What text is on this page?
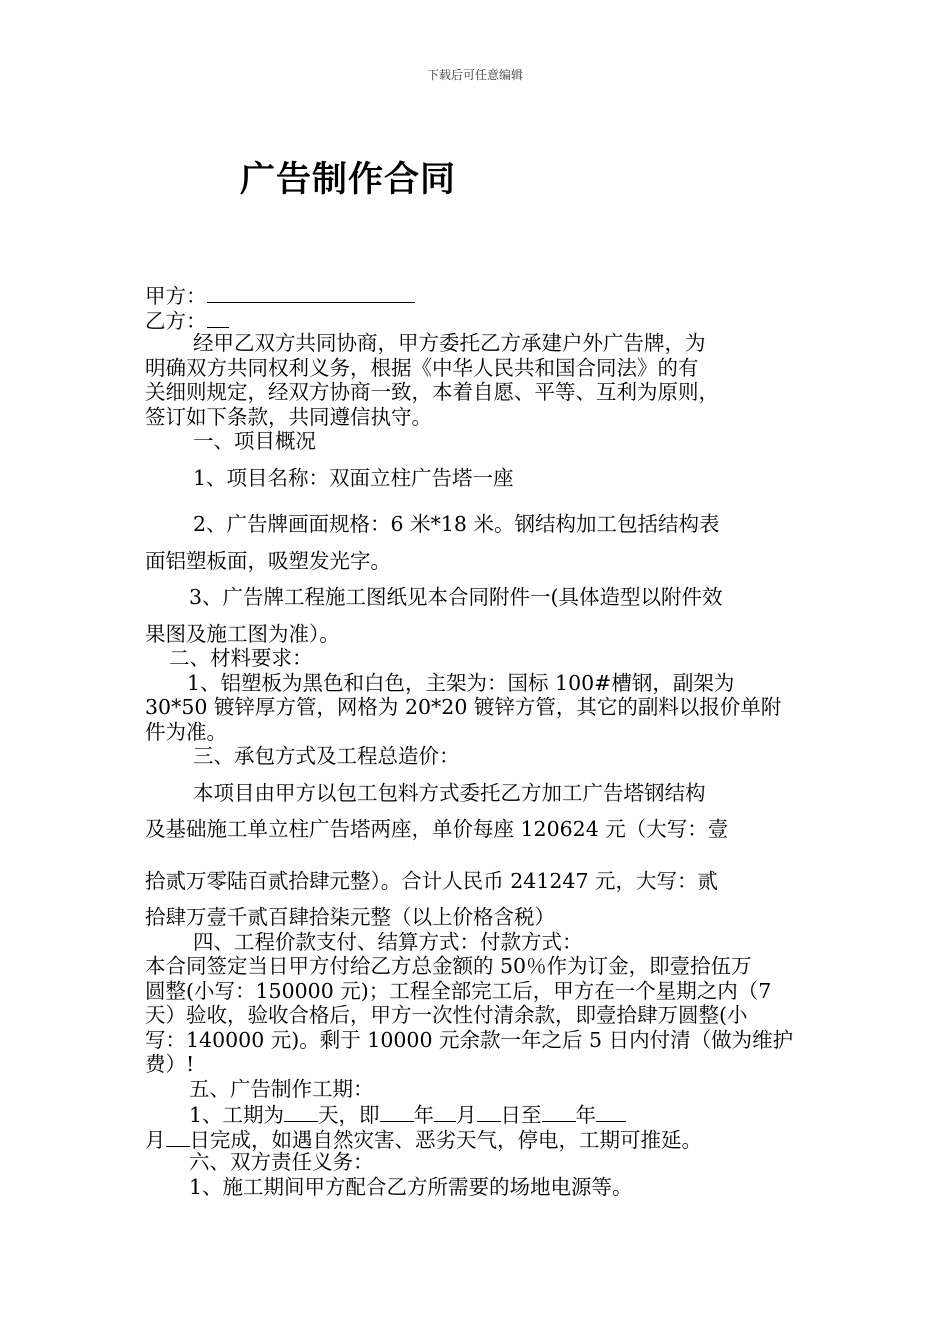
下载后可任意编辑
广告制作合同
甲方：
乙方：
经甲乙双方共同协商，甲方委托乙方承建户外广告牌，为
明确双方共同权利义务，根据《中华人民共和国合同法》的有
关细则规定，经双方协商一致，本着自愿、平等、互利为原则，
签订如下条款，共同遵信执守。
一、项目概况
1、项目名称：双面立柱广告塔一座
2、广告牌画面规格：6 米*18 米。钢结构加工包括结构表
面铝塑板面，吸塑发光字。
3、广告牌工程施工图纸见本合同附件一(具体造型以附件效
果图及施工图为准）。
二、材料要求：
1、铝塑板为黑色和白色，主架为：国标 100#槽钢，副架为
30*50 镀锌厚方管，网格为 20*20 镀锌方管，其它的副料以报价单附
件为准。
三、承包方式及工程总造价：
本项目由甲方以包工包料方式委托乙方加工广告塔钢结构
及基础施工单立柱广告塔两座，单价每座 120624 元（大写：壹
拾贰万零陆百贰拾肆元整）。合计人民币 241247 元，大写：贰
拾肆万壹千贰百肆拾柒元整（以上价格含税）
四、工程价款支付、结算方式：付款方式：
本合同签定当日甲方付给乙方总金额的 50％作为订金，即壹拾伍万
圆整(小写：150000 元)；工程全部完工后，甲方在一个星期之内（7
天）验收，验收合格后，甲方一次性付清余款，即壹拾肆万圆整(小
写：140000 元)。剩于 10000 元余款一年之后 5 日内付清（做为维护
费）!
五、广告制作工期：
1、工期为 天，即 年 月 日至 年
月 日完成，如遇自然灾害、恶劣天气，停电，工期可推延。
六、双方责任义务：
1、施工期间甲方配合乙方所需要的场地电源等。
